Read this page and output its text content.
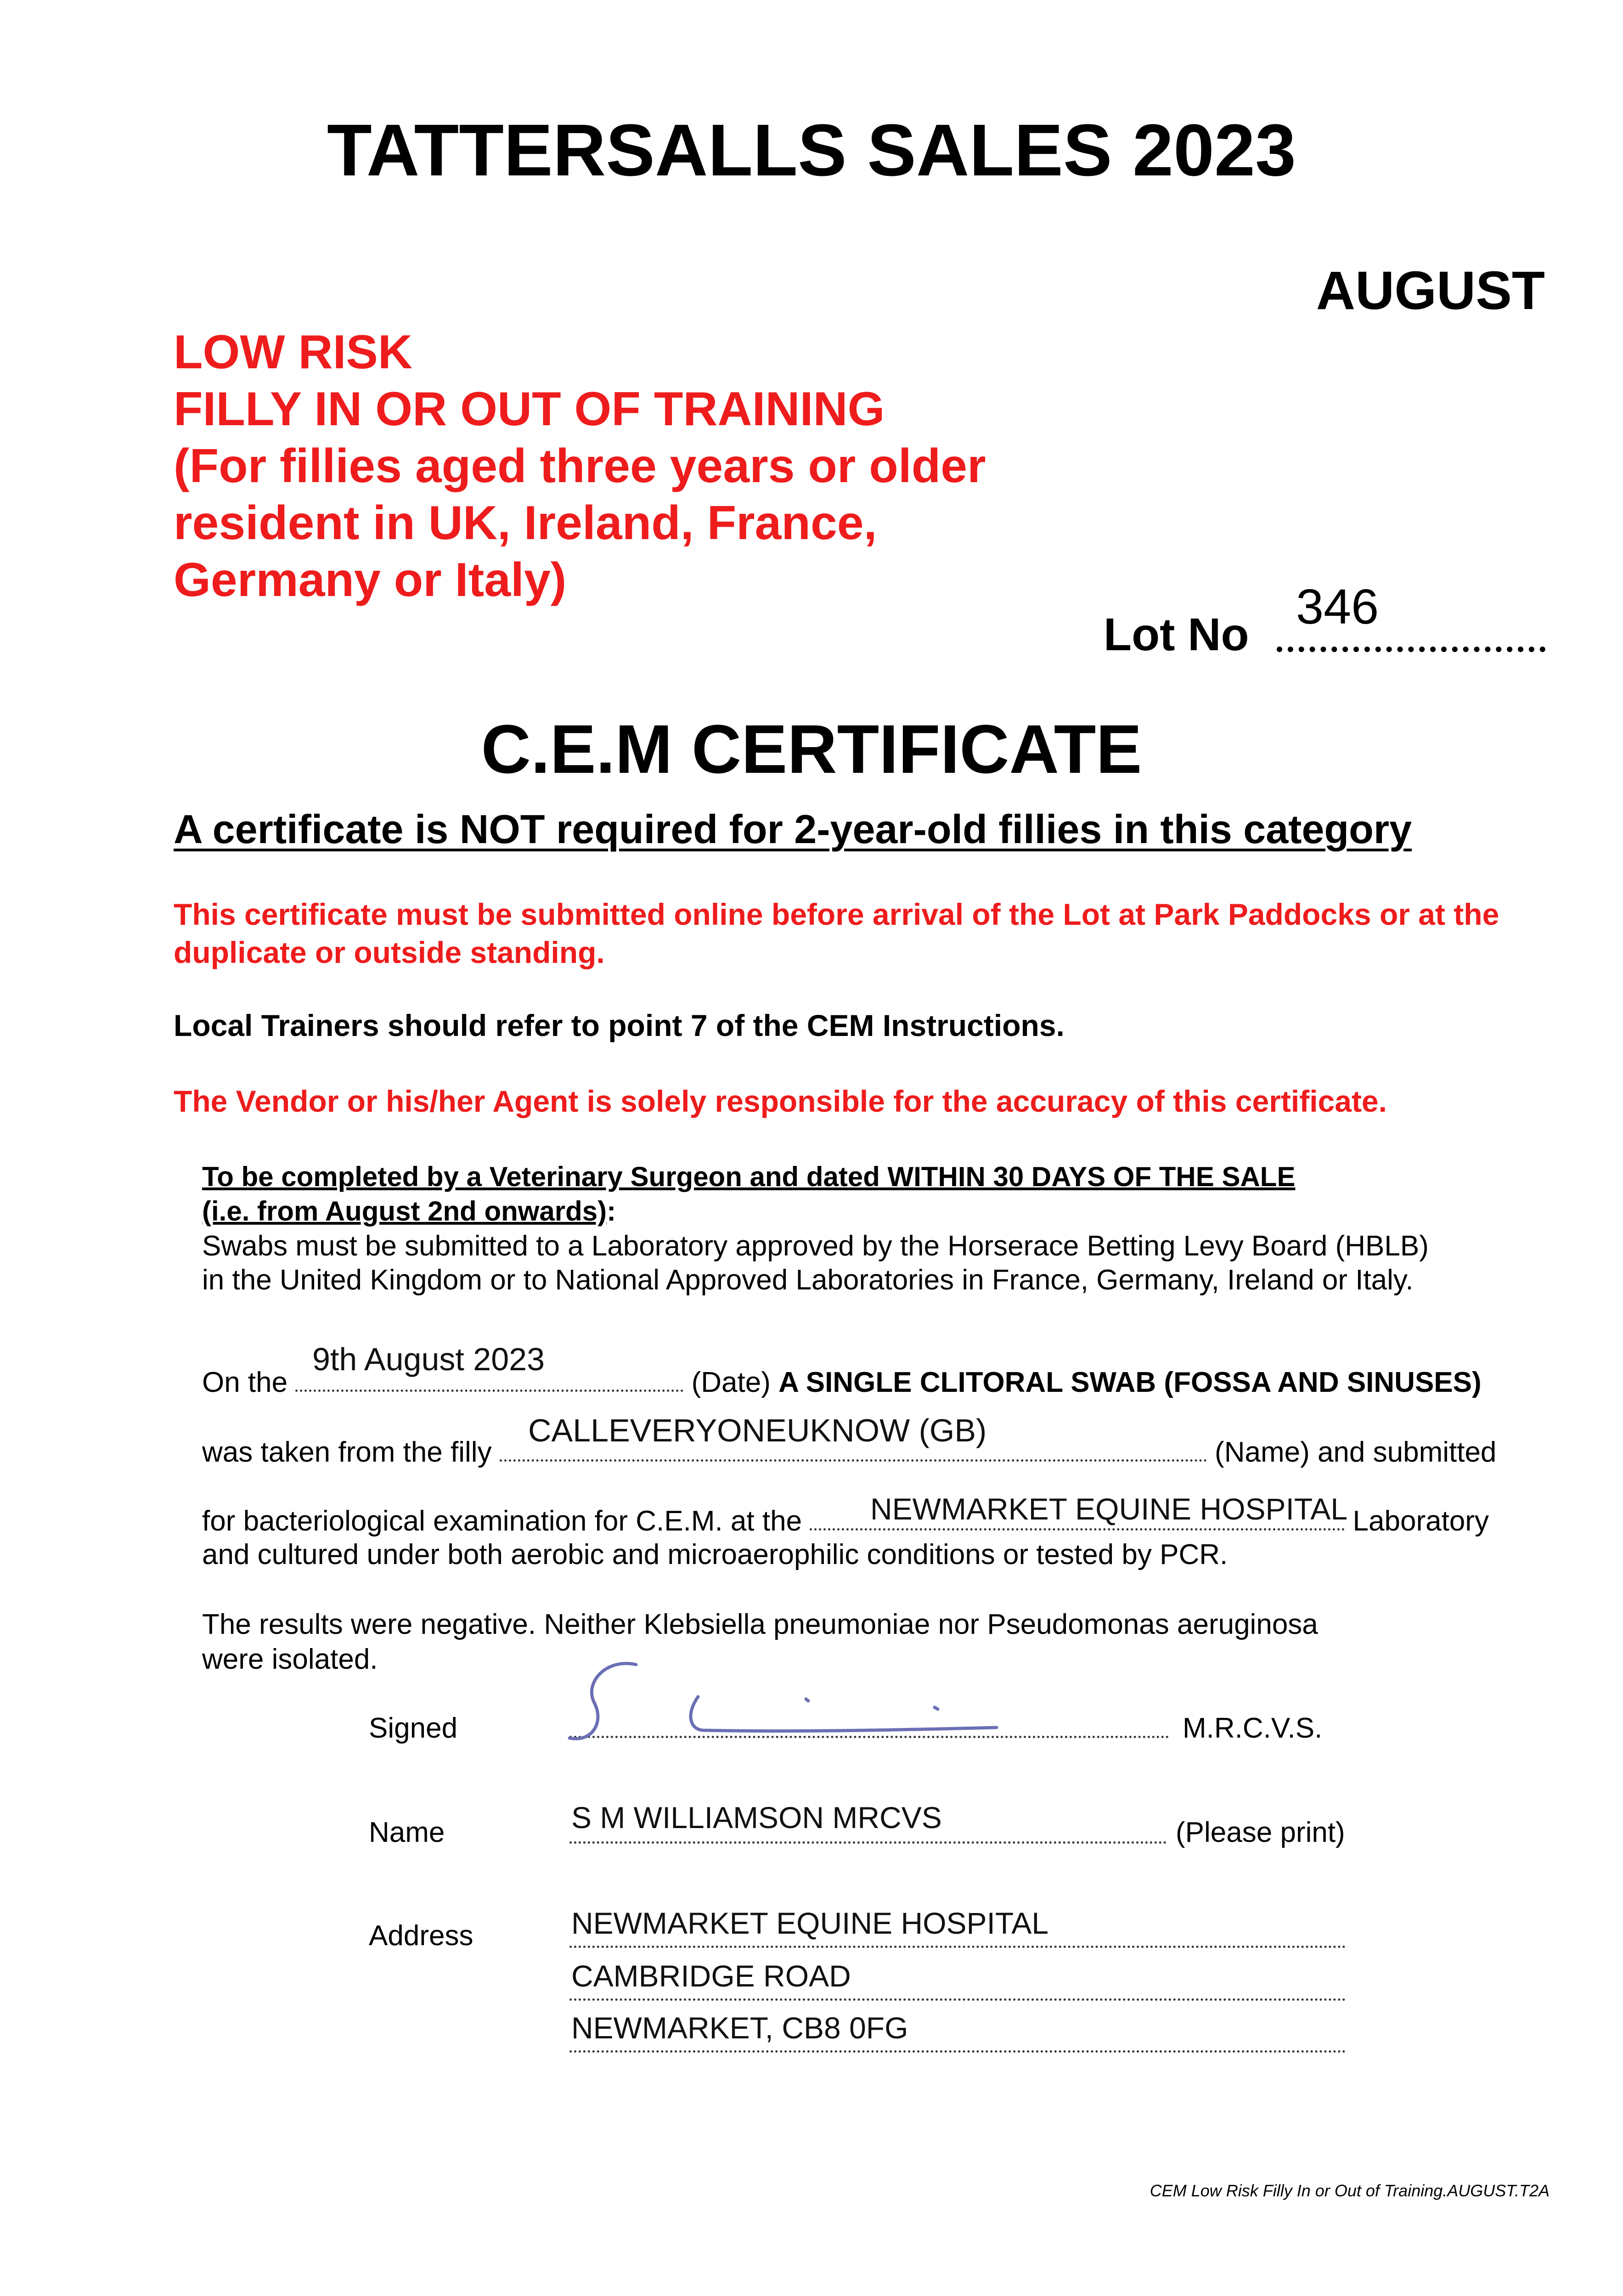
TATTERSALLS SALES 2023
AUGUST
LOW RISK
FILLY IN OR OUT OF TRAINING
(For fillies aged three years or older
resident in UK, Ireland, France,
Germany or Italy)
Lot No
346
C.E.M CERTIFICATE
A certificate is NOT required for 2-year-old fillies in this category
This certificate must be submitted online before arrival of the Lot at Park Paddocks or at the duplicate or outside standing.
Local Trainers should refer to point 7 of the CEM Instructions.
The Vendor or his/her Agent is solely responsible for the accuracy of this certificate.
To be completed by a Veterinary Surgeon and dated WITHIN 30 DAYS OF THE SALE
(i.e. from August 2nd onwards):
Swabs must be submitted to a Laboratory approved by the Horserace Betting Levy Board (HBLB)
in the United Kingdom or to National Approved Laboratories in France, Germany, Ireland or Italy.
On the	(Date) A SINGLE CLITORAL SWAB (FOSSA AND SINUSES)
9th August 2023
was taken from the filly	(Name) and submitted
CALLEVERYONEUKNOW (GB)
for bacteriological examination for C.E.M. at the	Laboratory
NEWMARKET EQUINE HOSPITAL
and cultured under both aerobic and microaerophilic conditions or tested by PCR.
The results were negative. Neither Klebsiella pneumoniae nor Pseudomonas aeruginosa
were isolated.
Signed	M.R.C.V.S.
Name	(Please print)
S M WILLIAMSON MRCVS
Address	NEWMARKET EQUINE HOSPITAL
CAMBRIDGE ROAD
NEWMARKET, CB8 0FG
CEM Low Risk Filly In or Out of Training.AUGUST.T2A
